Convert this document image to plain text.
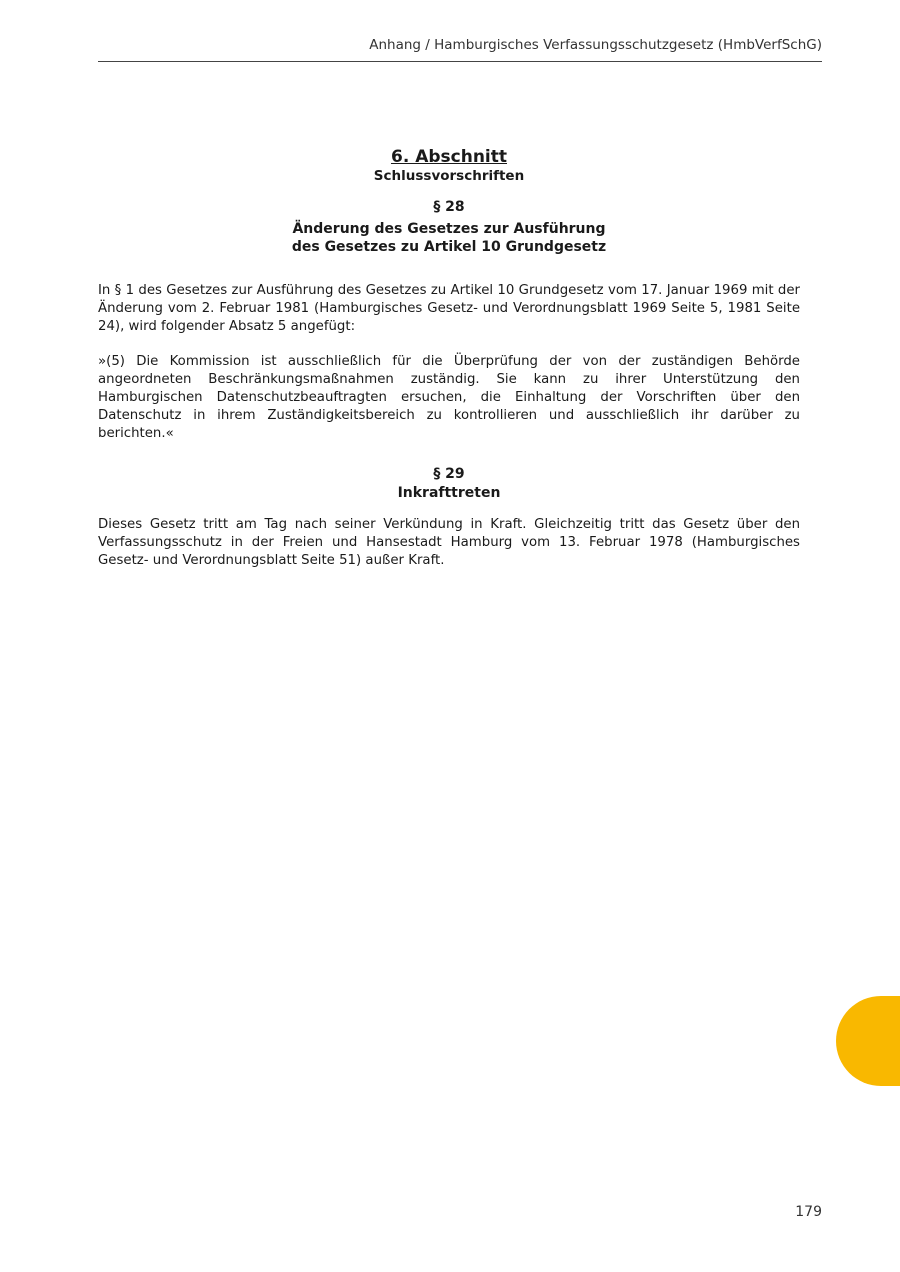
Anhang / Hamburgisches Verfassungsschutzgesetz (HmbVerfSchG)
6. Abschnitt
Schlussvorschriften
§ 28
Änderung des Gesetzes zur Ausführung
des Gesetzes zu Artikel 10 Grundgesetz

In § 1 des Gesetzes zur Ausführung des Gesetzes zu Artikel 10 Grundgesetz vom 17. Januar 1969 mit der Änderung vom 2. Februar 1981 (Hamburgisches Gesetz- und Verordnungsblatt 1969 Seite 5, 1981 Seite 24), wird folgender Absatz 5 angefügt:

»(5) Die Kommission ist ausschließlich für die Überprüfung der von der zuständigen Behörde angeordneten Beschränkungsmaßnahmen zuständig. Sie kann zu ihrer Unterstützung den Hamburgischen Datenschutzbeauftragten ersuchen, die Einhaltung der Vorschriften über den Datenschutz in ihrem Zuständigkeitsbereich zu kontrollieren und ausschließlich ihr darüber zu berichten.«

§ 29
Inkrafttreten

Dieses Gesetz tritt am Tag nach seiner Verkündung in Kraft. Gleichzeitig tritt das Gesetz über den Verfassungsschutz in der Freien und Hansestadt Hamburg vom 13. Februar 1978 (Hamburgisches Gesetz- und Verordnungsblatt Seite 51) außer Kraft.

179
